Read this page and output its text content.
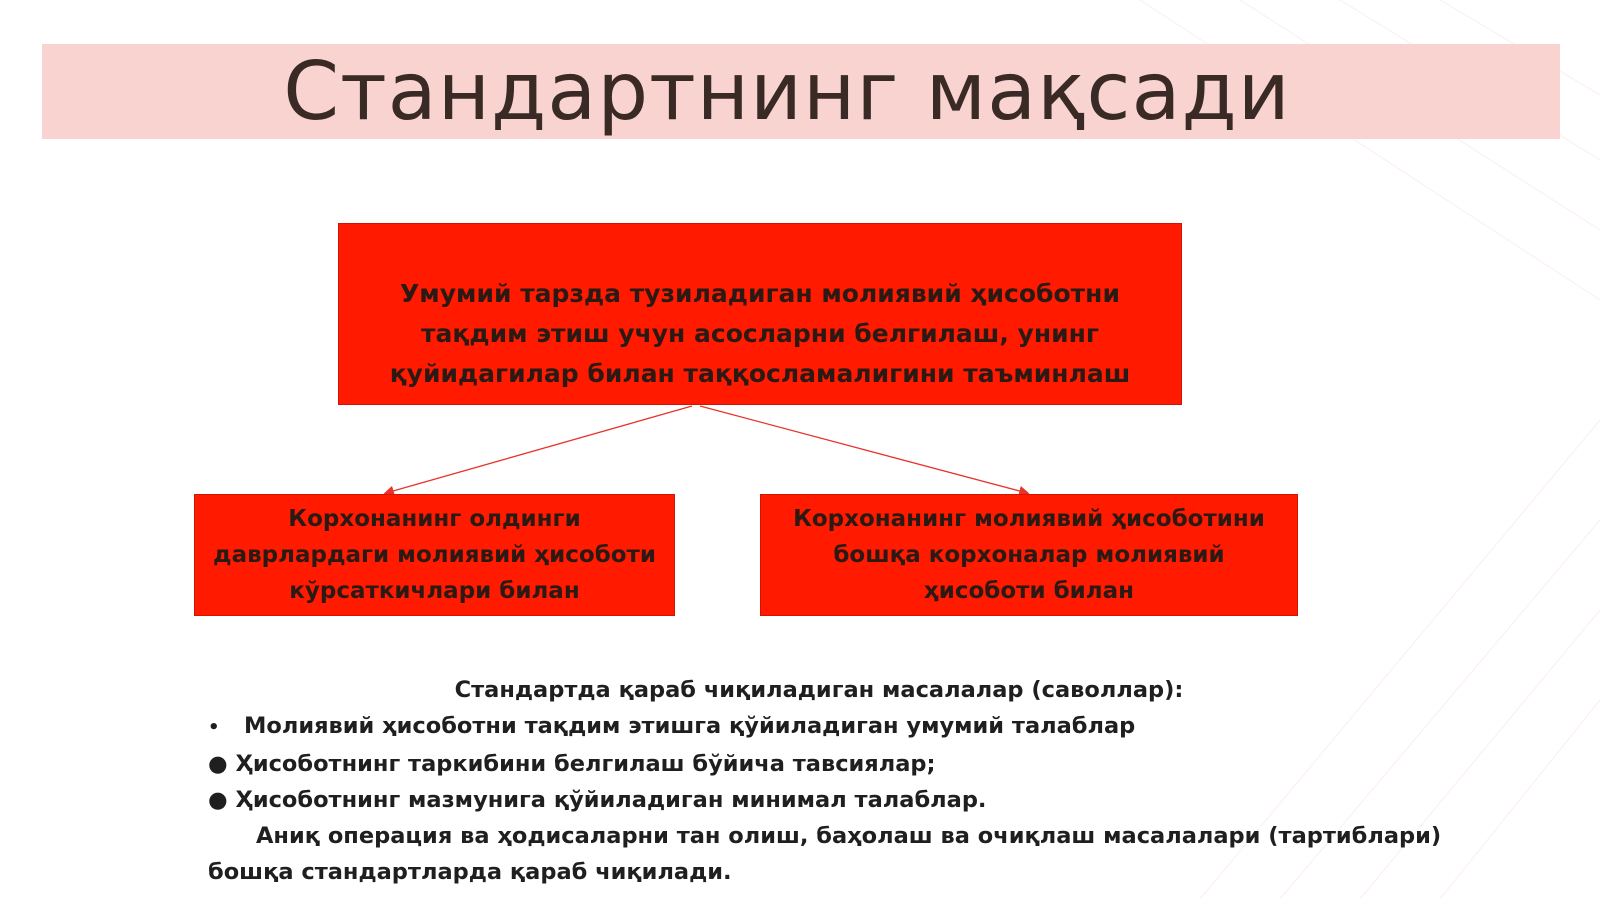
Стандартнинг мақсади
Умумий тарзда тузиладиган молиявий ҳисоботни
тақдим этиш учун асосларни белгилаш, унинг
қуйидагилар билан таққосламалигини таъминлаш
Корхонанинг олдинги
даврлардаги молиявий ҳисоботи
кўрсаткичлари билан
Корхонанинг молиявий ҳисоботини
бошқа корхоналар молиявий
ҳисоботи билан
Стандартда қараб чиқиладиган масалалар (саволлар):
• Молиявий ҳисоботни тақдим этишга қўйиладиган умумий талаблар
● Ҳисоботнинг таркибини белгилаш бўйича тавсиялар;
● Ҳисоботнинг мазмунига қўйиладиган минимал талаблар.
Аниқ операция ва ҳодисаларни тан олиш, баҳолаш ва очиқлаш масалалари (тартиблари) бошқа стандартларда қараб чиқилади.
